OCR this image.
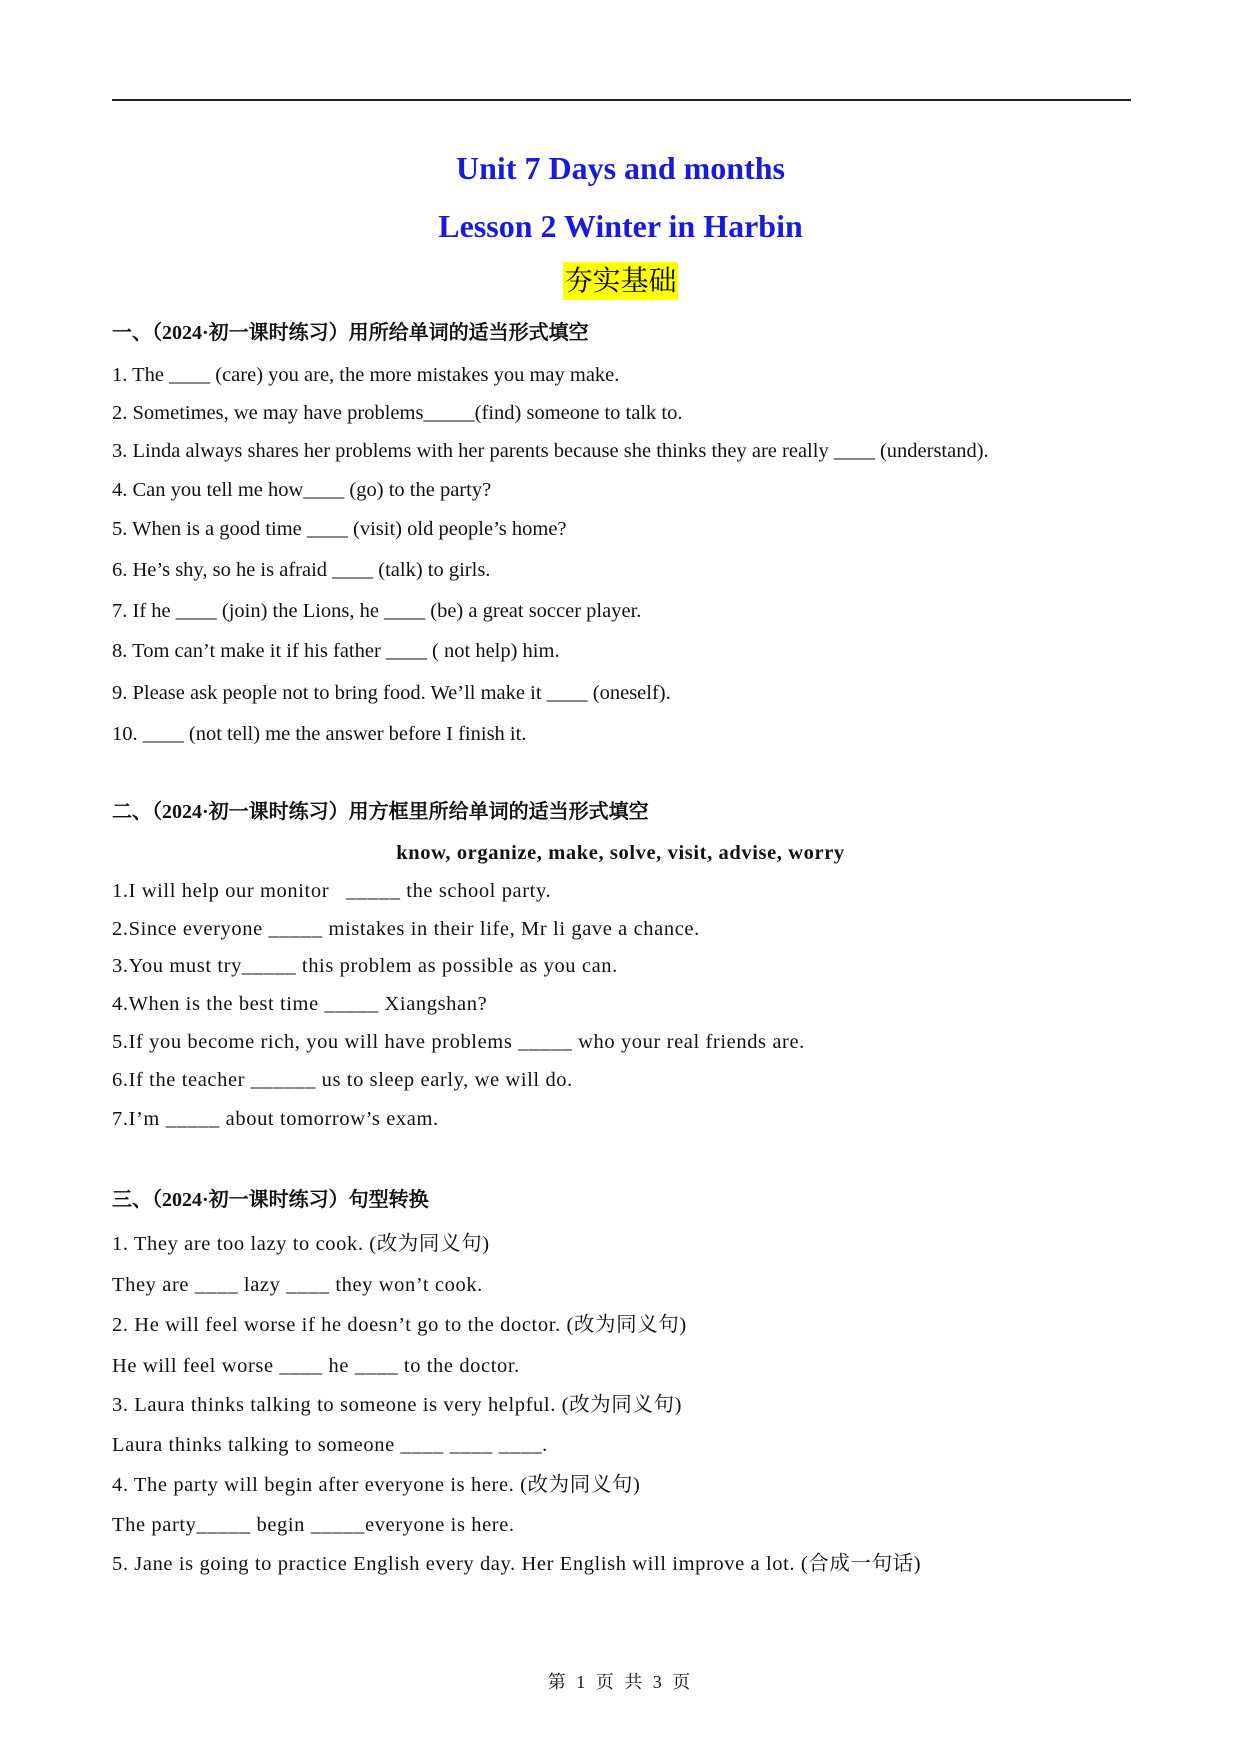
Unit 7 Days and months
Lesson 2 Winter in Harbin
夯实基础
一、（2024·初一课时练习）用所给单词的适当形式填空
1. The ____ (care) you are, the more mistakes you may make.
2. Sometimes, we may have problems_____(find) someone to talk to.
3. Linda always shares her problems with her parents because she thinks they are really ____ (understand).
4. Can you tell me how____ (go) to the party?
5. When is a good time ____ (visit) old people’s home?
6. He’s shy, so he is afraid ____ (talk) to girls.
7. If he ____ (join) the Lions, he ____ (be) a great soccer player.
8. Tom can’t make it if his father ____ ( not help) him.
9. Please ask people not to bring food. We’ll make it ____ (oneself).
10. ____ (not tell) me the answer before I finish it.
二、（2024·初一课时练习）用方框里所给单词的适当形式填空
know, organize, make, solve, visit, advise, worry
1.I will help our monitor   _____ the school party.
2.Since everyone _____ mistakes in their life, Mr li gave a chance.
3.You must try_____ this problem as possible as you can.
4.When is the best time _____ Xiangshan?
5.If you become rich, you will have problems _____ who your real friends are.
6.If the teacher ______ us to sleep early, we will do.
7.I’m _____ about tomorrow’s exam.
三、（2024·初一课时练习）句型转换
1. They are too lazy to cook. (改为同义句)
They are ____ lazy ____ they won’t cook.
2. He will feel worse if he doesn’t go to the doctor. (改为同义句)
He will feel worse ____ he ____ to the doctor.
3. Laura thinks talking to someone is very helpful. (改为同义句)
Laura thinks talking to someone ____ ____ ____.
4. The party will begin after everyone is here. (改为同义句)
The party_____ begin _____everyone is here.
5. Jane is going to practice English every day. Her English will improve a lot. (合成一句话)
第 1 页 共 3 页
